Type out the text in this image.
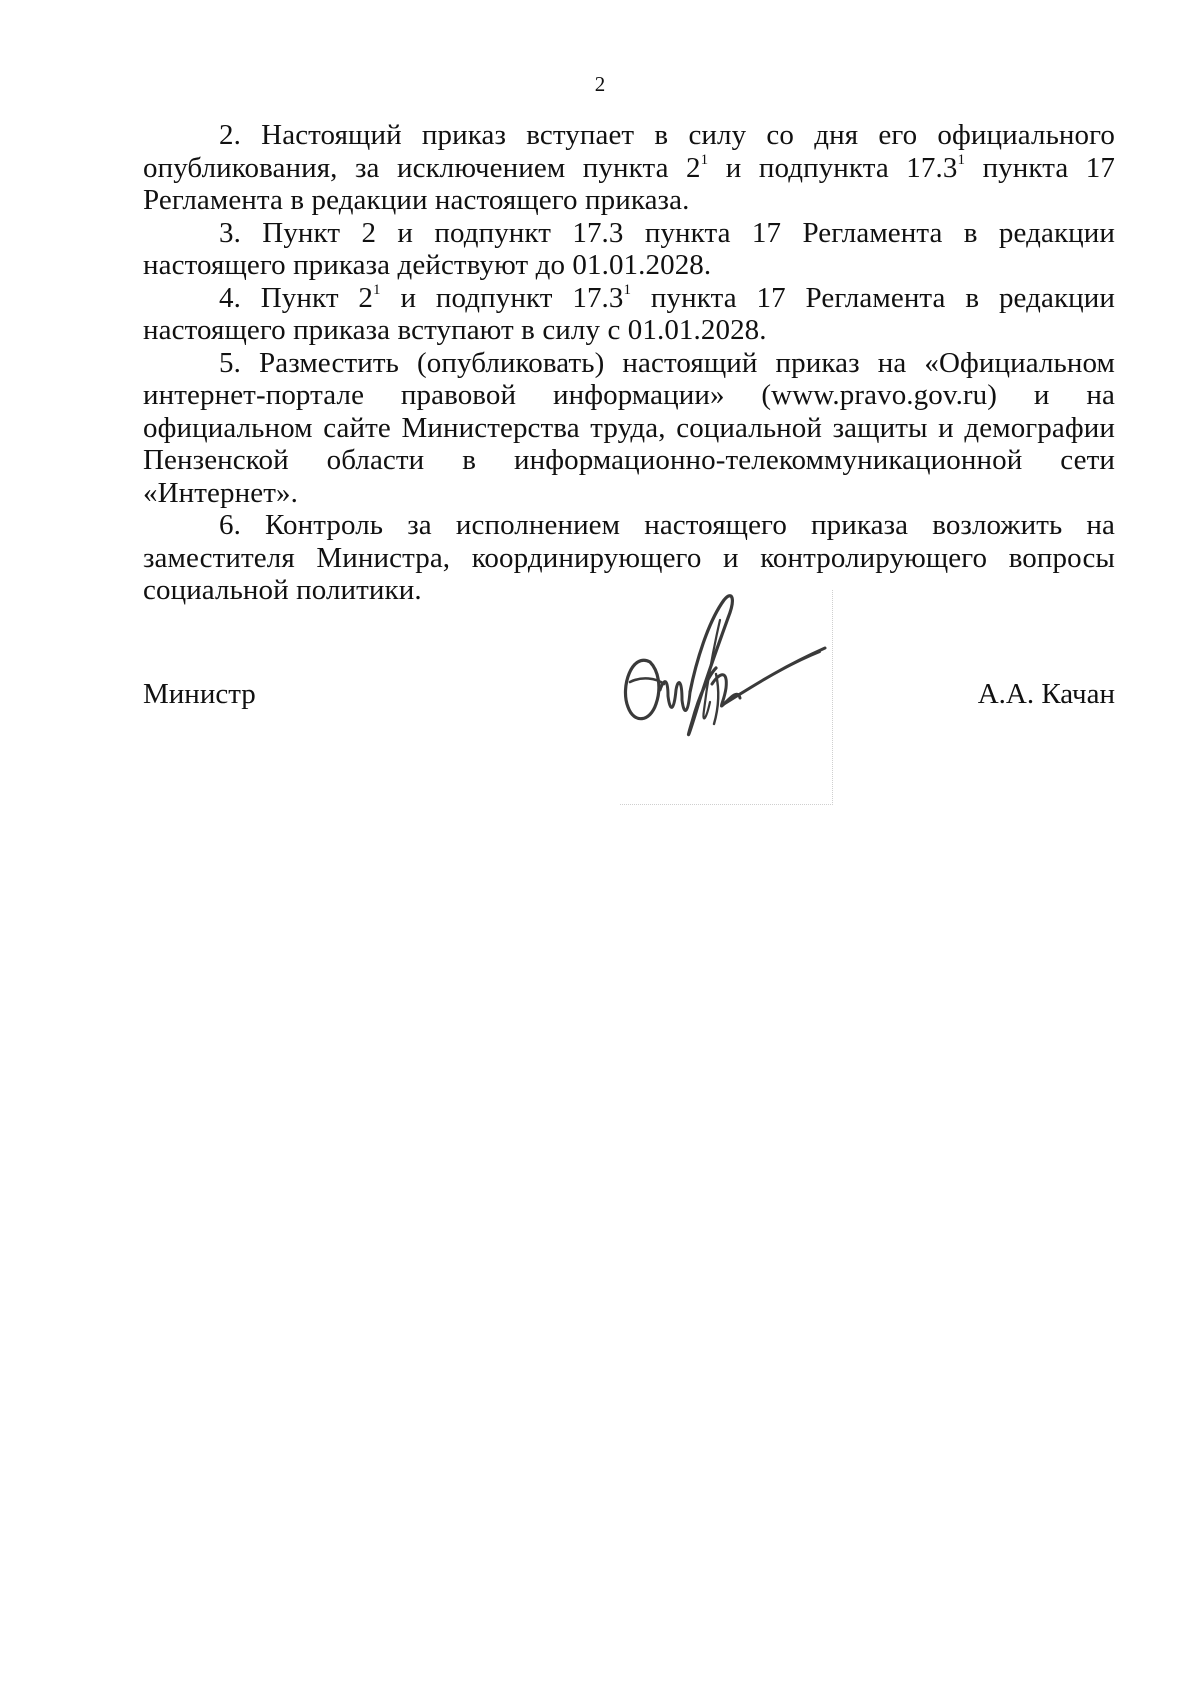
2

2. Настоящий приказ вступает в силу со дня его официального опубликования, за исключением пункта $2^1$ и подпункта 17.3$^1$ пункта 17 Регламента в редакции настоящего приказа.

3. Пункт 2 и подпункт 17.3 пункта 17 Регламента в редакции настоящего приказа действуют до 01.01.2028.

4. Пункт $2^1$ и подпункт 17.3$^1$ пункта 17 Регламента в редакции настоящего приказа вступают в силу с 01.01.2028.

5. Разместить (опубликовать) настоящий приказ на «Официальном интернет-портале правовой информации» (www.pravo.gov.ru) и на официальном сайте Министерства труда, социальной защиты и демографии Пензенской области в информационно-телекоммуникационной сети «Интернет».

6. Контроль за исполнением настоящего приказа возложить на заместителя Министра, координирующего и контролирующего вопросы социальной политики.

Министр	А.А. Качан
